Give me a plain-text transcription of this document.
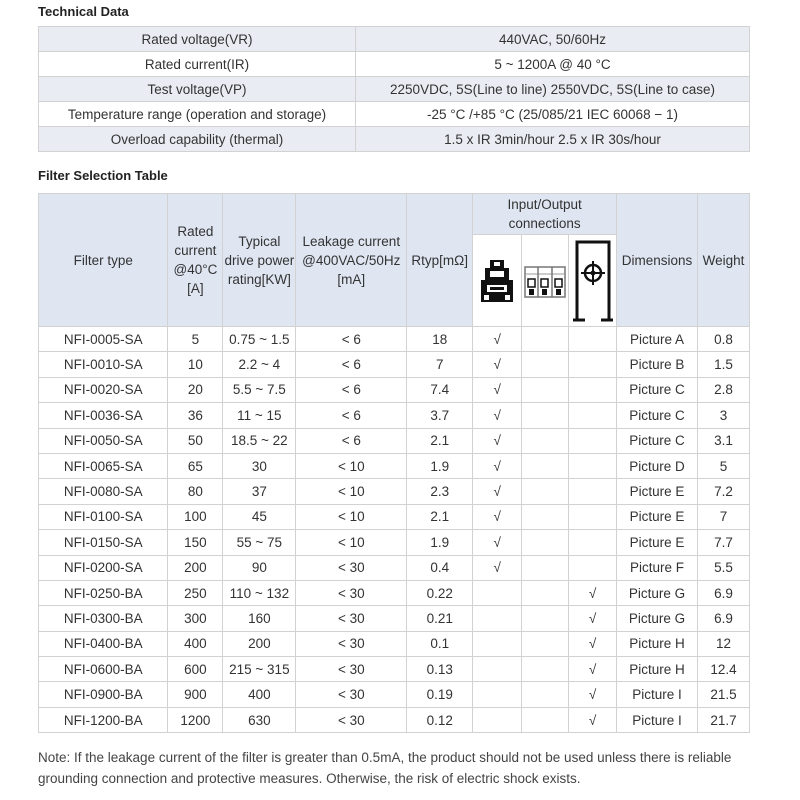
Technical Data
Rated voltage(VR)	440VAC, 50/60Hz
Rated current(IR)	5 ~ 1200A @ 40 °C
Test voltage(VP)	2250VDC, 5S(Line to line) 2550VDC, 5S(Line to case)
Temperature range (operation and storage)	-25 °C /+85 °C (25/085/21 IEC 60068 − 1)
Overload capability (thermal)	1.5 x IR 3min/hour 2.5 x IR 30s/hour
Filter Selection Table
Filter type	Rated current @40°C [A]	Typical drive power rating[KW]	Leakage current @400VAC/50Hz [mA]	Rtyp[mΩ]	Input/Output connections			Dimensions	Weight

NFI-0005-SA	5	0.75 ~ 1.5	< 6	18	√			Picture A	0.8
NFI-0010-SA	10	2.2 ~ 4	< 6	7	√			Picture B	1.5
NFI-0020-SA	20	5.5 ~ 7.5	< 6	7.4	√			Picture C	2.8
NFI-0036-SA	36	11 ~ 15	< 6	3.7	√			Picture C	3
NFI-0050-SA	50	18.5 ~ 22	< 6	2.1	√			Picture C	3.1
NFI-0065-SA	65	30	< 10	1.9	√			Picture D	5
NFI-0080-SA	80	37	< 10	2.3	√			Picture E	7.2
NFI-0100-SA	100	45	< 10	2.1	√			Picture E	7
NFI-0150-SA	150	55 ~ 75	< 10	1.9	√			Picture E	7.7
NFI-0200-SA	200	90	< 30	0.4	√			Picture F	5.5
NFI-0250-BA	250	110 ~ 132	< 30	0.22			√	Picture G	6.9
NFI-0300-BA	300	160	< 30	0.21			√	Picture G	6.9
NFI-0400-BA	400	200	< 30	0.1			√	Picture H	12
NFI-0600-BA	600	215 ~ 315	< 30	0.13			√	Picture H	12.4
NFI-0900-BA	900	400	< 30	0.19			√	Picture I	21.5
NFI-1200-BA	1200	630	< 30	0.12			√	Picture I	21.7
Note: If the leakage current of the filter is greater than 0.5mA, the product should not be used unless there is reliable grounding connection and protective measures. Otherwise, the risk of electric shock exists.
